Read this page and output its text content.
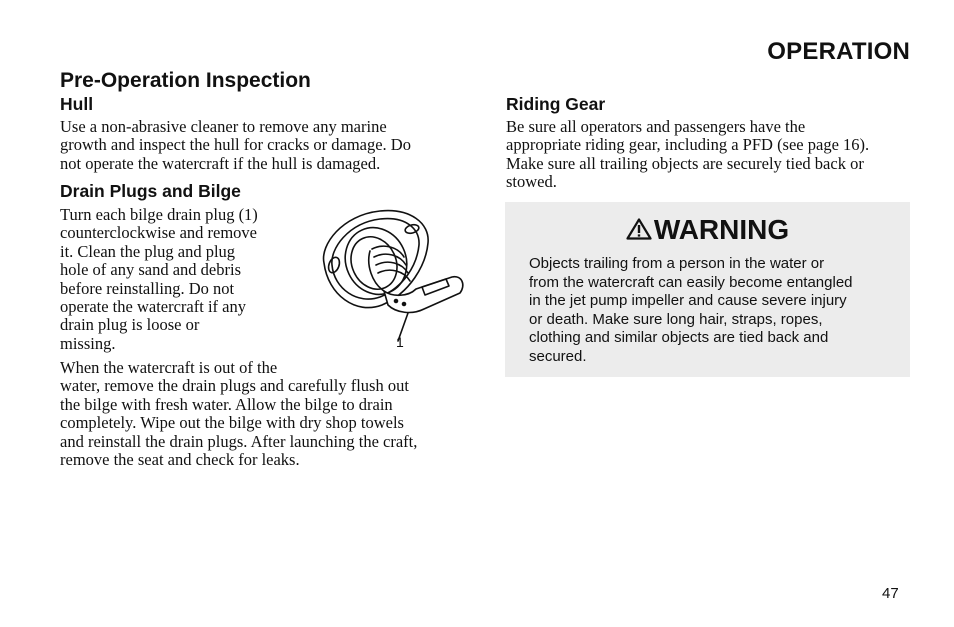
OPERATION
Pre-Operation Inspection
Hull
Use a non-abrasive cleaner to remove any marine
growth and inspect the hull for cracks or damage. Do
not operate the watercraft if the hull is damaged.
Drain Plugs and Bilge
Turn each bilge drain plug (1)
counterclockwise and remove
it. Clean the plug and plug
hole of any sand and debris
before reinstalling. Do not
operate the watercraft if any
drain plug is loose or
missing.
When the watercraft is out of the
water, remove the drain plugs and carefully flush out
the bilge with fresh water. Allow the bilge to drain
completely. Wipe out the bilge with dry shop towels
and reinstall the drain plugs. After launching the craft,
remove the seat and check for leaks.
1
Riding Gear
Be sure all operators and passengers have the
appropriate riding gear, including a PFD (see page 16).
Make sure all trailing objects are securely tied back or
stowed.
WARNING
Objects trailing from a person in the water or
from the watercraft can easily become entangled
in the jet pump impeller and cause severe injury
or death. Make sure long hair, straps, ropes,
clothing and similar objects are tied back and
secured.
47
